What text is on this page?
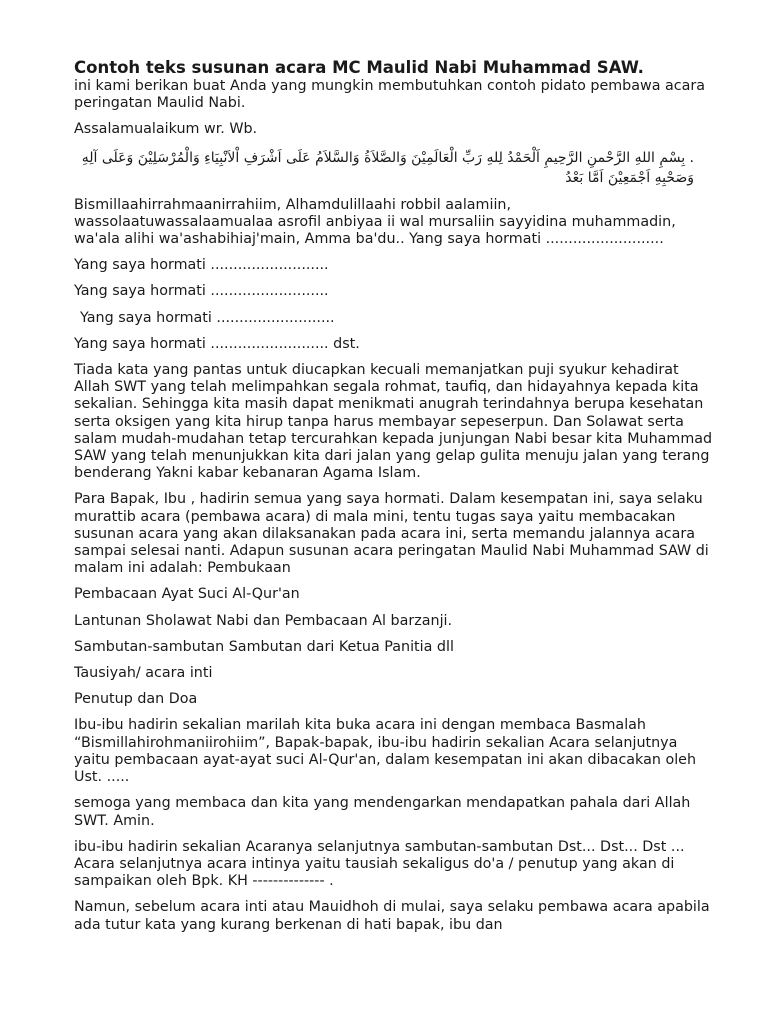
Contoh teks susunan acara MC Maulid Nabi Muhammad SAW.

ini kami berikan buat Anda yang mungkin membutuhkan contoh pidato pembawa acara peringatan Maulid Nabi.

Assalamualaikum wr. Wb.

. بِسْمِ اللهِ الرَّحْمنِ الرَّحِيمِ اَلْحَمْدُ لِلهِ رَبِّ الْعَالَمِيْنَ وَالصَّلاَةُ وَالسَّلاَمُ عَلَى اَشْرَفِ اْلاَنْبِيَاءِ وَالْمُرْسَلِيْنَ وَعَلَى آلِهِ وَصَحْبِهِ اَجْمَعِيْنَ اَمَّا بَعْدُ

Bismillaahirrahmaanirrahiim, Alhamdulillaahi robbil aalamiin, wassolaatuwassalaamualaa asrofil anbiyaa ii wal mursaliin sayyidina muhammadin, wa'ala alihi wa'ashabihiaj'main, Amma ba'du.. Yang saya hormati ..........................

Yang saya hormati ..........................

Yang saya hormati ..........................

Yang saya hormati ..........................

Yang saya hormati .......................... dst.

Tiada kata yang pantas untuk diucapkan kecuali memanjatkan puji syukur kehadirat Allah SWT yang telah melimpahkan segala rohmat, taufiq, dan hidayahnya kepada kita sekalian. Sehingga kita masih dapat menikmati anugrah terindahnya berupa kesehatan serta oksigen yang kita hirup tanpa harus membayar sepeserpun. Dan Solawat serta salam mudah-mudahan tetap tercurahkan kepada junjungan Nabi besar kita Muhammad SAW yang telah menunjukkan kita dari jalan yang gelap gulita menuju jalan yang terang benderang Yakni kabar kebanaran Agama Islam.

Para Bapak, Ibu , hadirin semua yang saya hormati. Dalam kesempatan ini, saya selaku murattib acara (pembawa acara) di mala mini, tentu tugas saya yaitu membacakan susunan acara yang akan dilaksanakan pada acara ini, serta memandu jalannya acara sampai selesai nanti. Adapun susunan acara peringatan Maulid Nabi Muhammad SAW di malam ini adalah: Pembukaan

Pembacaan Ayat Suci Al-Qur'an

Lantunan Sholawat Nabi dan Pembacaan Al barzanji.

Sambutan-sambutan Sambutan dari Ketua Panitia dll

Tausiyah/ acara inti

Penutup dan Doa

Ibu-ibu hadirin sekalian marilah kita buka acara ini dengan membaca Basmalah “Bismillahirohmaniirohiim”, Bapak-bapak, ibu-ibu hadirin sekalian Acara selanjutnya yaitu pembacaan ayat-ayat suci Al-Qur'an, dalam kesempatan ini akan dibacakan oleh Ust. .....

semoga yang membaca dan kita yang mendengarkan mendapatkan pahala dari Allah SWT. Amin.

ibu-ibu hadirin sekalian Acaranya selanjutnya sambutan-sambutan Dst... Dst... Dst ... Acara selanjutnya acara intinya yaitu tausiah sekaligus do'a / penutup yang akan di sampaikan oleh Bpk. KH -------------- .

Namun, sebelum acara inti atau Mauidhoh di mulai, saya selaku pembawa acara apabila ada tutur kata yang kurang berkenan di hati bapak, ibu dan
